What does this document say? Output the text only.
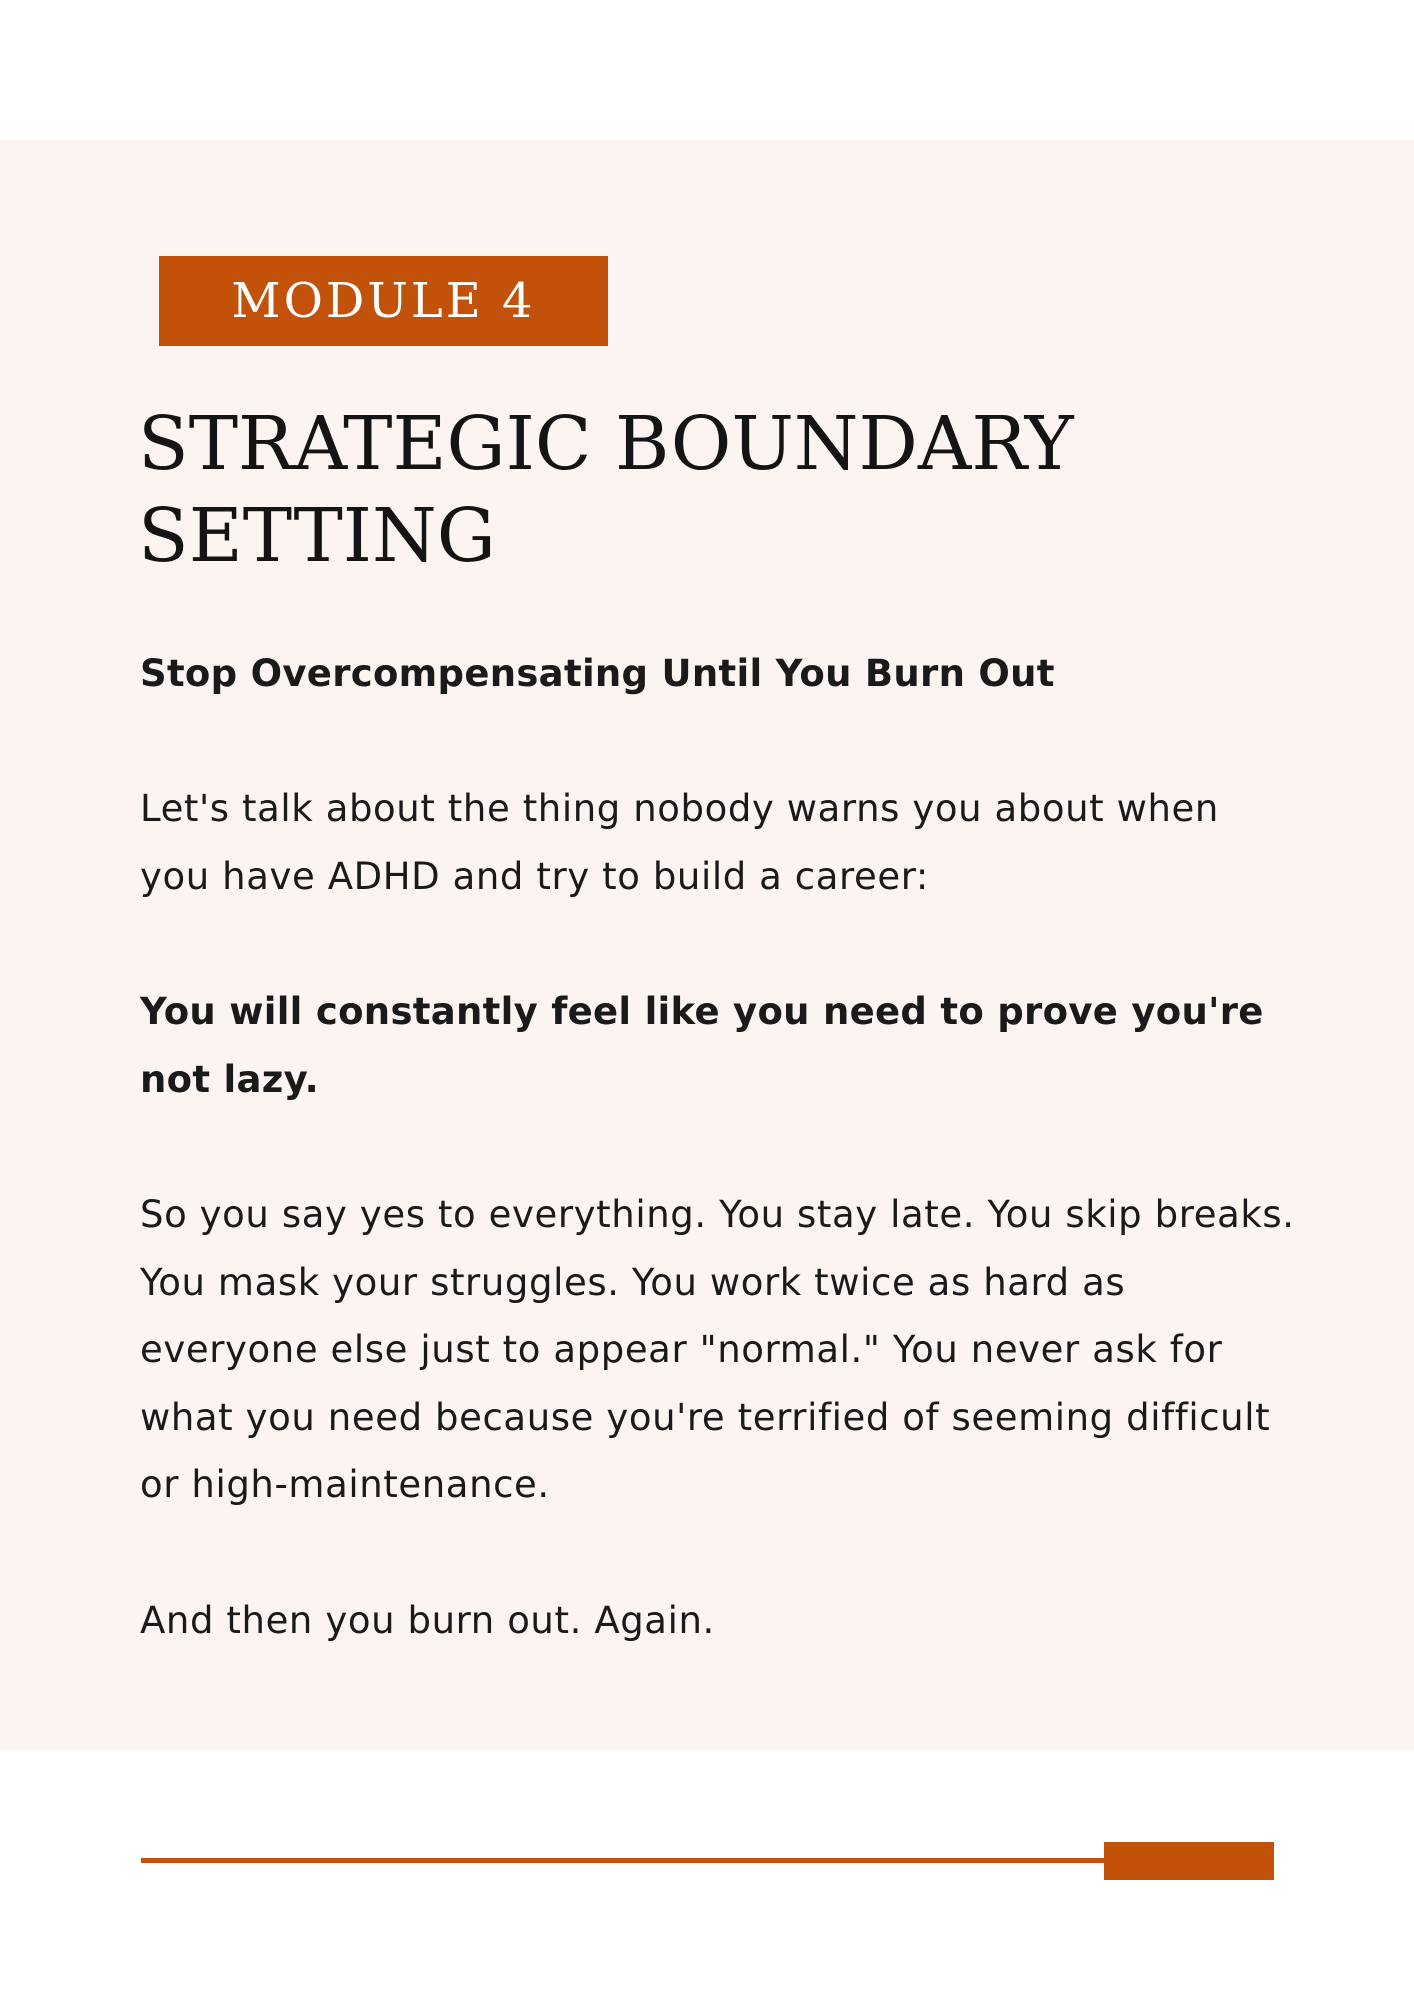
MODULE 4
STRATEGIC BOUNDARY SETTING
Stop Overcompensating Until You Burn Out
Let's talk about the thing nobody warns you about when you have ADHD and try to build a career:
You will constantly feel like you need to prove you're not lazy.
So you say yes to everything. You stay late. You skip breaks. You mask your struggles. You work twice as hard as everyone else just to appear "normal." You never ask for what you need because you're terrified of seeming difficult or high-maintenance.
And then you burn out. Again.
